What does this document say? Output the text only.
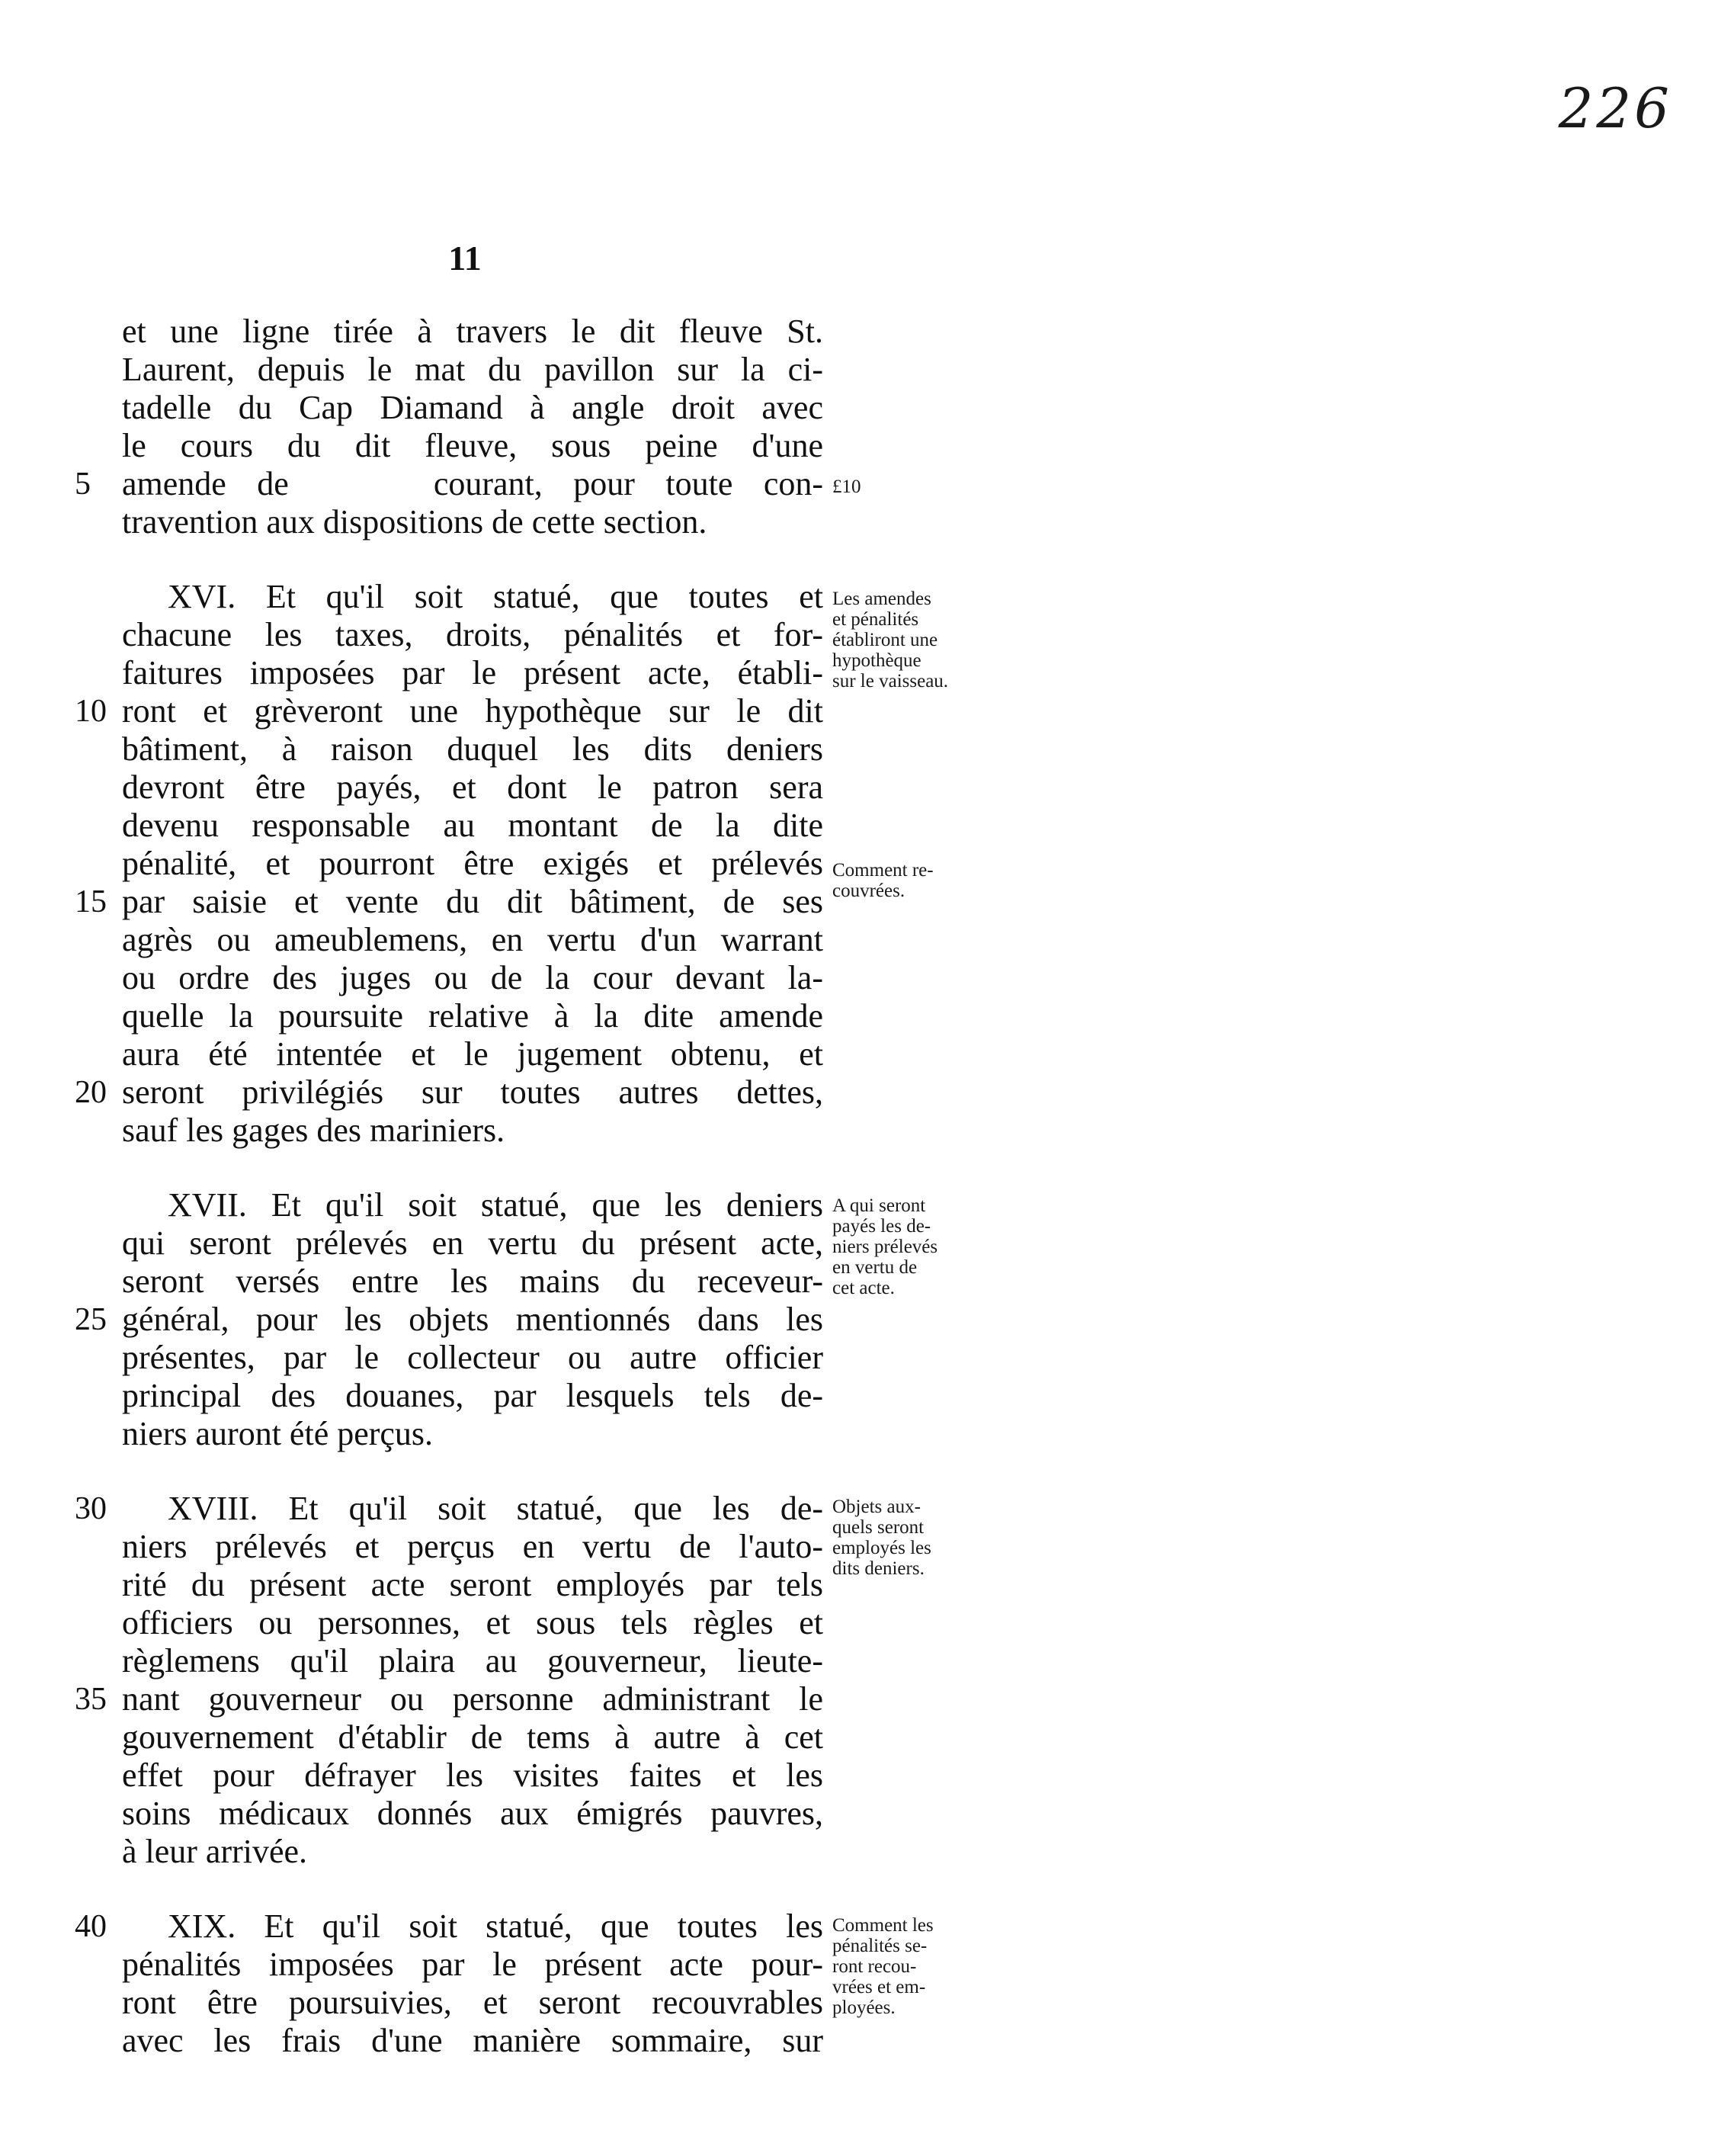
226
11
et une ligne tirée à travers le dit fleuve St.
Laurent, depuis le mat du pavillon sur la ci-
tadelle du Cap Diamand à angle droit avec
le cours du dit fleuve, sous peine d'une
5 amende de	courant, pour toute con-
travention aux dispositions de cette section.
XVI. Et qu'il soit statué, que toutes et
chacune les taxes, droits, pénalités et for-
faitures imposées par le présent acte, établi-
10 ront et grèveront une hypothèque sur le dit
bâtiment, à raison duquel les dits deniers
devront être payés, et dont le patron sera
devenu responsable au montant de la dite
pénalité, et pourront être exigés et prélevés
15 par saisie et vente du dit bâtiment, de ses
agrès ou ameublemens, en vertu d'un warrant
ou ordre des juges ou de la cour devant la-
quelle la poursuite relative à la dite amende
aura été intentée et le jugement obtenu, et
20 seront privilégiés sur toutes autres dettes,
sauf les gages des mariniers.
XVII. Et qu'il soit statué, que les deniers
qui seront prélevés en vertu du présent acte,
seront versés entre les mains du receveur-
25 général, pour les objets mentionnés dans les
présentes, par le collecteur ou autre officier
principal des douanes, par lesquels tels de-
niers auront été perçus.
30	XVIII. Et qu'il soit statué, que les de-
niers prélevés et perçus en vertu de l'auto-
rité du présent acte seront employés par tels
officiers ou personnes, et sous tels règles et
règlemens qu'il plaira au gouverneur, lieute-
35 nant gouverneur ou personne administrant le
gouvernement d'établir de tems à autre à cet
effet pour défrayer les visites faites et les
soins médicaux donnés aux émigrés pauvres,
à leur arrivée.
40	XIX. Et qu'il soit statué, que toutes les
pénalités imposées par le présent acte pour-
ront être poursuivies, et seront recouvrables
avec les frais d'une manière sommaire, sur
£10
Les amendes
et pénalités
établiront une
hypothèque
sur le vaisseau.
Comment re-
couvrées.
A qui seront
payés les de-
niers prélevés
en vertu de
cet acte.
Objets aux-
quels seront
employés les
dits deniers.
Comment les
pénalités se-
ront recou-
vrées et em-
ployées.
